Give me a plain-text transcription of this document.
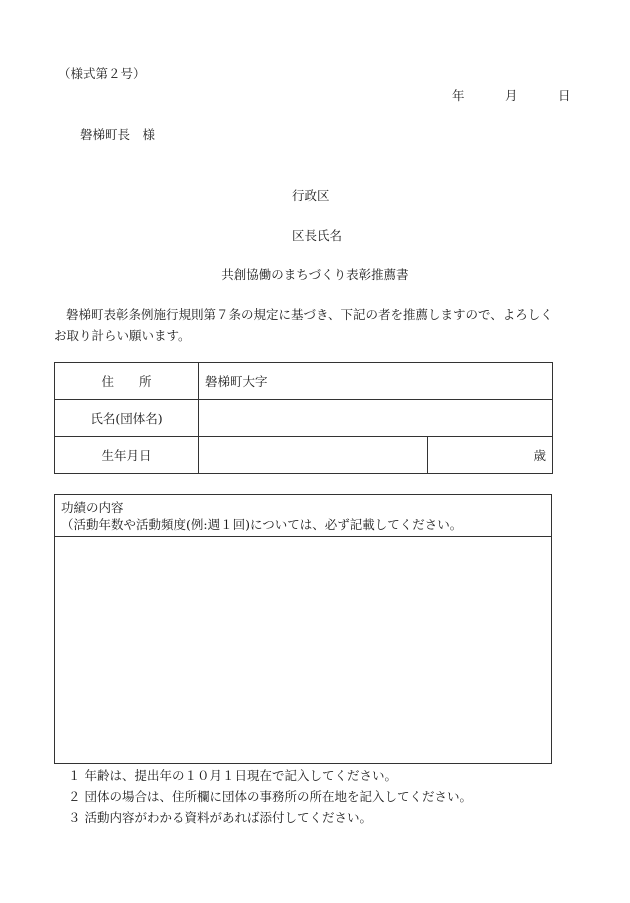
（様式第２号）
年	月	日
磐梯町長　様
行政区
区長氏名
共創協働のまちづくり表彰推薦書
磐梯町表彰条例施行規則第７条の規定に基づき、下記の者を推薦しますので、よろしく
お取り計らい願います。
住　　所	磐梯町大字	
氏名(団体名)		
生年月日		歳
功績の内容
（活動年数や活動頻度(例:週１回)については、必ず記載してください。
１ 年齢は、提出年の１０月１日現在で記入してください。
２ 団体の場合は、住所欄に団体の事務所の所在地を記入してください。
３ 活動内容がわかる資料があれば添付してください。
